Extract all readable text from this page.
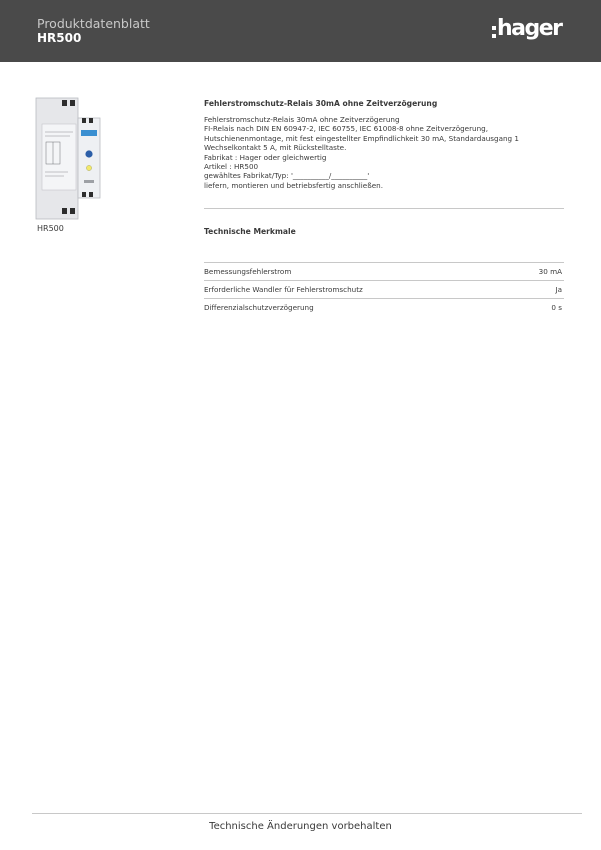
Produktdatenblatt
HR500	hager
HR500
Fehlerstromschutz-Relais 30mA ohne Zeitverzögerung
Fehlerstromschutz-Relais 30mA ohne Zeitverzögerung
FI-Relais nach DIN EN 60947-2, IEC 60755, IEC 61008-8 ohne Zeitverzögerung,
Hutschienenmontage, mit fest eingestellter Empfindlichkeit 30 mA, Standardausgang 1
Wechselkontakt 5 A, mit Rückstelltaste.
Fabrikat : Hager oder gleichwertig
Artikel : HR500
gewähltes Fabrikat/Typ: '__________/__________'
liefern, montieren und betriebsfertig anschließen.
Technische Merkmale
Bemessungsfehlerstrom	30 mA
Erforderliche Wandler für Fehlerstromschutz	Ja
Differenzialschutzverzögerung	0 s
Technische Änderungen vorbehalten
